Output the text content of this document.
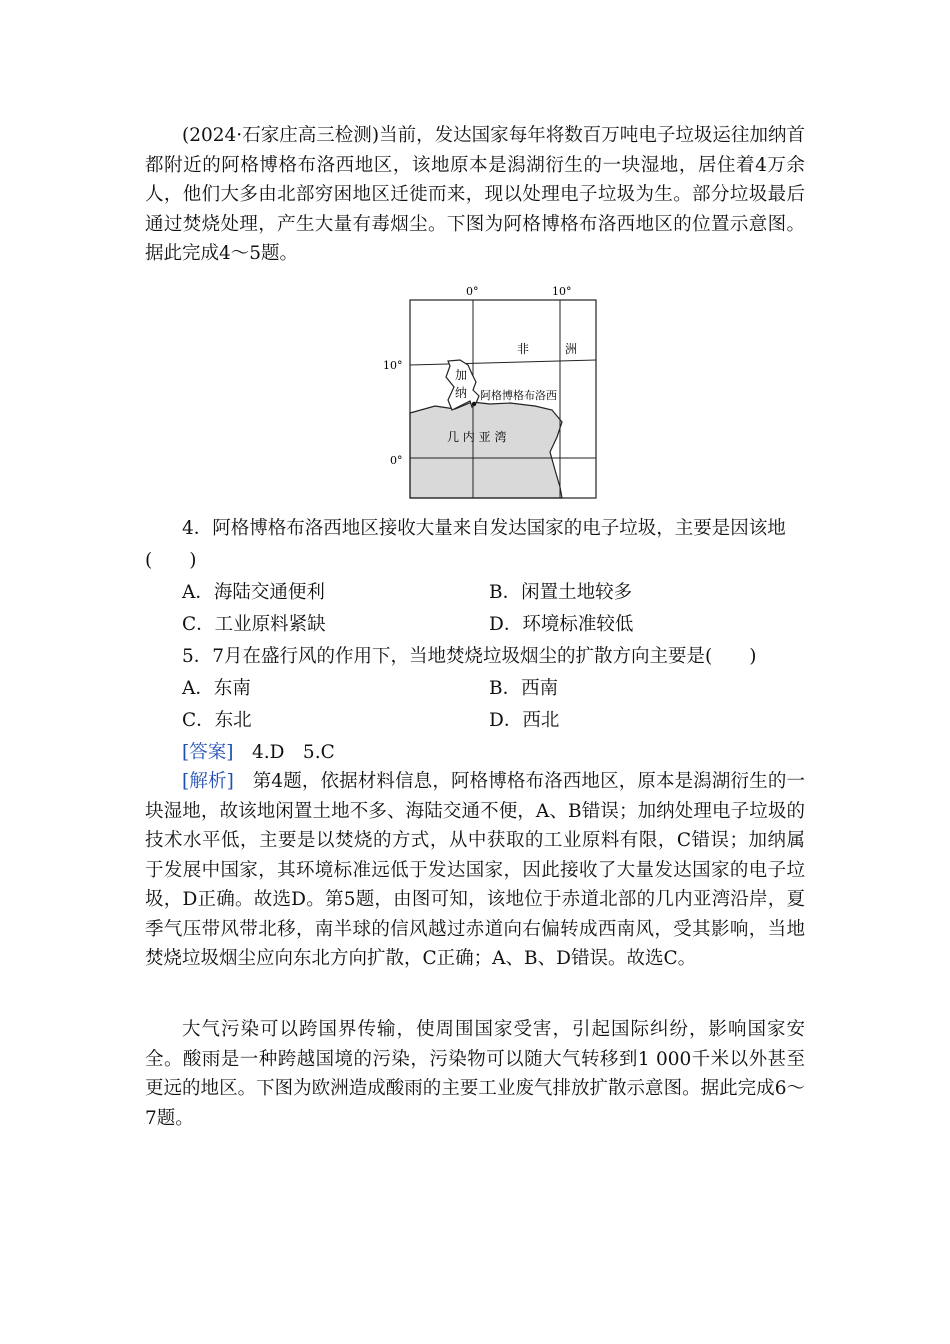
(2024·石家庄高三检测)当前，发达国家每年将数百万吨电子垃圾运往加纳首都附近的阿格博格布洛西地区，该地原本是潟湖衍生的一块湿地，居住着4万余人，他们大多由北部穷困地区迁徙而来，现以处理电子垃圾为生。部分垃圾最后通过焚烧处理，产生大量有毒烟尘。下图为阿格博格布洛西地区的位置示意图。据此完成4～5题。

0°	10°
10°
0°
非	洲
加
纳 阿格博格布洛西
几 内 亚 湾
4．阿格博格布洛西地区接收大量来自发达国家的电子垃圾，主要是因该地
(　　)
A．海陆交通便利	B．闲置土地较多
C．工业原料紧缺	D．环境标准较低
5．7月在盛行风的作用下，当地焚烧垃圾烟尘的扩散方向主要是(　　)
A．东南	B．西南
C．东北	D．西北
[答案]　 4.D　5.C

[解析]　 第4题，依据材料信息，阿格博格布洛西地区，原本是潟湖衍生的一块湿地，故该地闲置土地不多、海陆交通不便，A、B错误；加纳处理电子垃圾的技术水平低，主要是以焚烧的方式，从中获取的工业原料有限，C错误；加纳属于发展中国家，其环境标准远低于发达国家，因此接收了大量发达国家的电子垃圾，D正确。故选D。第5题，由图可知，该地位于赤道北部的几内亚湾沿岸，夏季气压带风带北移，南半球的信风越过赤道向右偏转成西南风，受其影响，当地焚烧垃圾烟尘应向东北方向扩散，C正确；A、B、D错误。故选C。

大气污染可以跨国界传输，使周围国家受害，引起国际纠纷，影响国家安全。酸雨是一种跨越国境的污染，污染物可以随大气转移到1 000千米以外甚至更远的地区。下图为欧洲造成酸雨的主要工业废气排放扩散示意图。据此完成6～7题。
